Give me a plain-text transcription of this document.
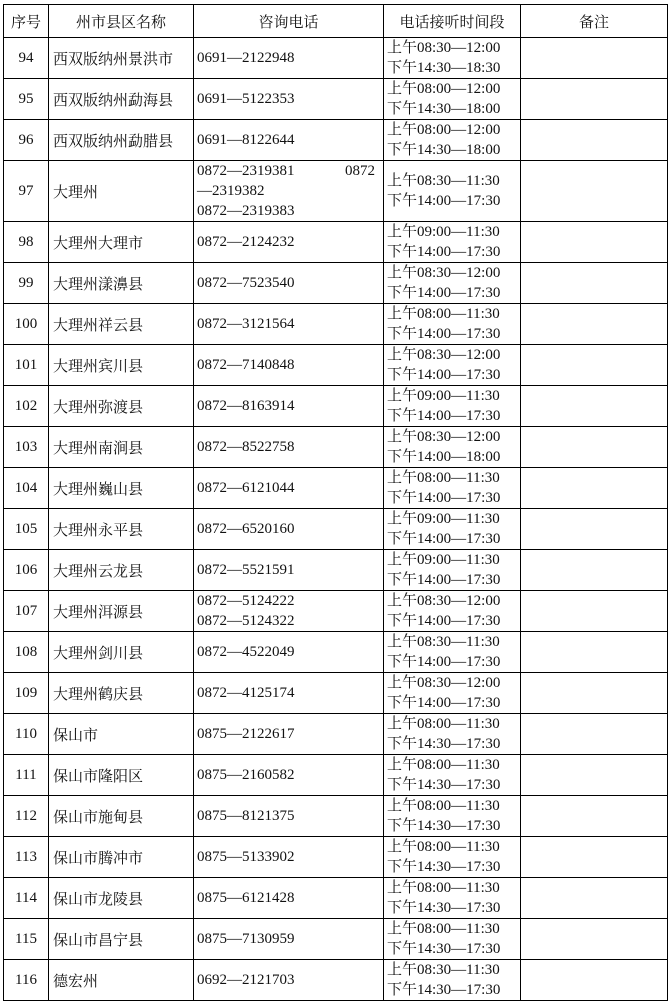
序号	州市县区名称	咨询电话	电话接听时间段	备注
94	西双版纳州景洪市	0691—2122948	上午08:30—12:00
下午14:30—18:30	

95	西双版纳州勐海县	0691—5122353	上午08:00—12:00
下午14:30—18:00	

96	西双版纳州勐腊县	0691—8122644	上午08:00—12:00
下午14:30—18:00	

97	大理州	0872—2319381 0872
—2319382
0872—2319383	上午08:30—11:30
下午14:00—17:30	

98	大理州大理市	0872—2124232	上午09:00—11:30
下午14:00—17:30	

99	大理州漾濞县	0872—7523540	上午08:30—12:00
下午14:00—17:30	

100	大理州祥云县	0872—3121564	上午08:00—11:30
下午14:00—17:30	

101	大理州宾川县	0872—7140848	上午08:30—12:00
下午14:00—17:30	

102	大理州弥渡县	0872—8163914	上午09:00—11:30
下午14:00—17:30	

103	大理州南涧县	0872—8522758	上午08:30—12:00
下午14:00—18:00	

104	大理州巍山县	0872—6121044	上午08:00—11:30
下午14:00—17:30	

105	大理州永平县	0872—6520160	上午09:00—11:30
下午14:00—17:30	

106	大理州云龙县	0872—5521591	上午09:00—11:30
下午14:00—17:30	

107	大理州洱源县	0872—5124222
0872—5124322	上午08:30—12:00
下午14:00—17:30	

108	大理州剑川县	0872—4522049	上午08:30—11:30
下午14:00—17:30	

109	大理州鹤庆县	0872—4125174	上午08:30—12:00
下午14:00—17:30	

110	保山市	0875—2122617	上午08:00—11:30
下午14:30—17:30	

111	保山市隆阳区	0875—2160582	上午08:00—11:30
下午14:30—17:30	

112	保山市施甸县	0875—8121375	上午08:00—11:30
下午14:30—17:30	

113	保山市腾冲市	0875—5133902	上午08:00—11:30
下午14:30—17:30	

114	保山市龙陵县	0875—6121428	上午08:00—11:30
下午14:30—17:30	

115	保山市昌宁县	0875—7130959	上午08:00—11:30
下午14:30—17:30	

116	德宏州	0692—2121703	上午08:30—11:30
下午14:30—17:30	
